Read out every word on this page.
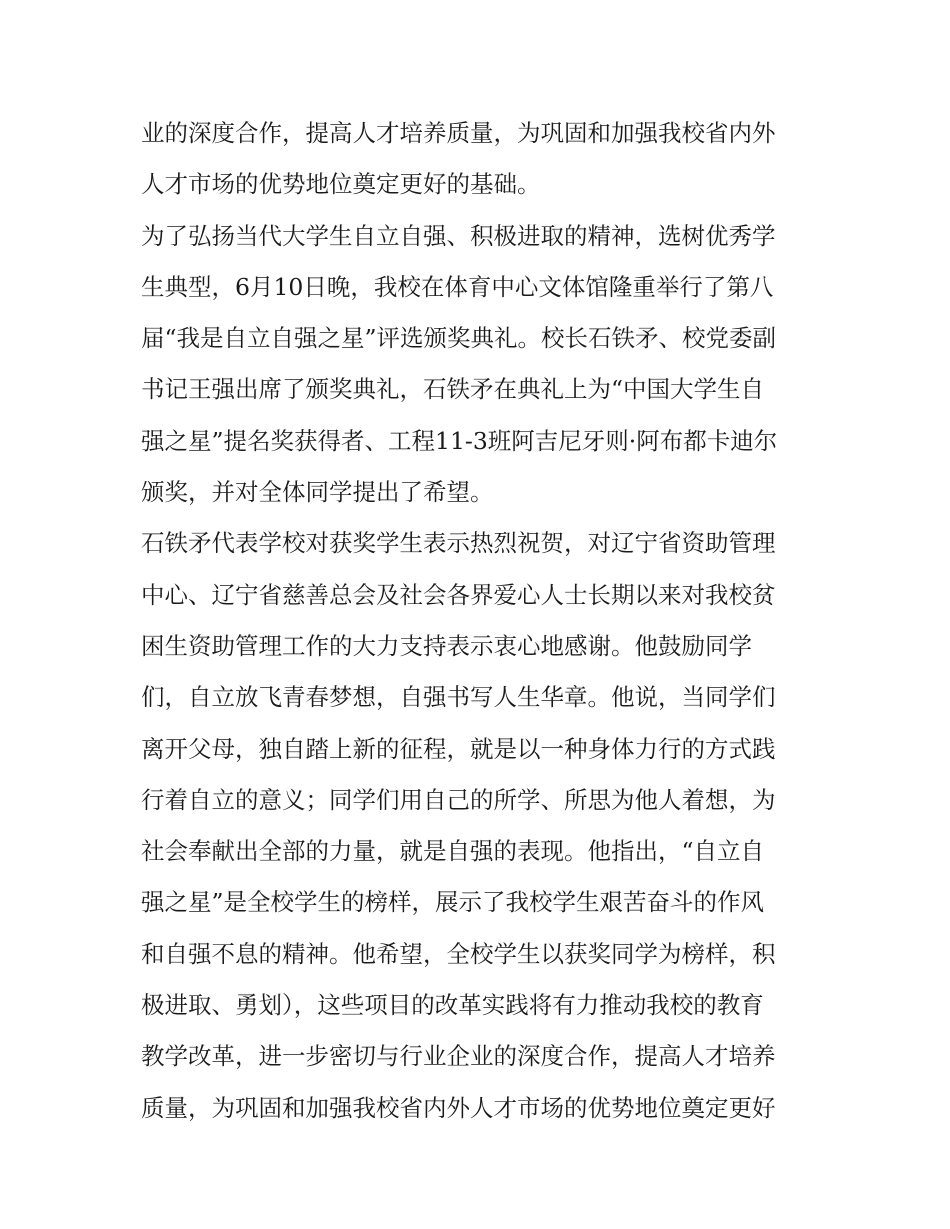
业的深度合作，提高人才培养质量，为巩固和加强我校省内外
人才市场的优势地位奠定更好的基础。
为了弘扬当代大学生自立自强、积极进取的精神，选树优秀学
生典型，6月10日晚，我校在体育中心文体馆隆重举行了第八
届“我是自立自强之星”评选颁奖典礼。校长石铁矛、校党委副
书记王强出席了颁奖典礼，石铁矛在典礼上为“中国大学生自
强之星”提名奖获得者、工程11-3班阿吉尼牙则·阿布都卡迪尔
颁奖，并对全体同学提出了希望。
石铁矛代表学校对获奖学生表示热烈祝贺，对辽宁省资助管理
中心、辽宁省慈善总会及社会各界爱心人士长期以来对我校贫
困生资助管理工作的大力支持表示衷心地感谢。他鼓励同学
们，自立放飞青春梦想，自强书写人生华章。他说，当同学们
离开父母，独自踏上新的征程，就是以一种身体力行的方式践
行着自立的意义；同学们用自己的所学、所思为他人着想，为
社会奉献出全部的力量，就是自强的表现。他指出，“自立自
强之星”是全校学生的榜样，展示了我校学生艰苦奋斗的作风
和自强不息的精神。他希望，全校学生以获奖同学为榜样，积
极进取、勇划），这些项目的改革实践将有力推动我校的教育
教学改革，进一步密切与行业企业的深度合作，提高人才培养
质量，为巩固和加强我校省内外人才市场的优势地位奠定更好
